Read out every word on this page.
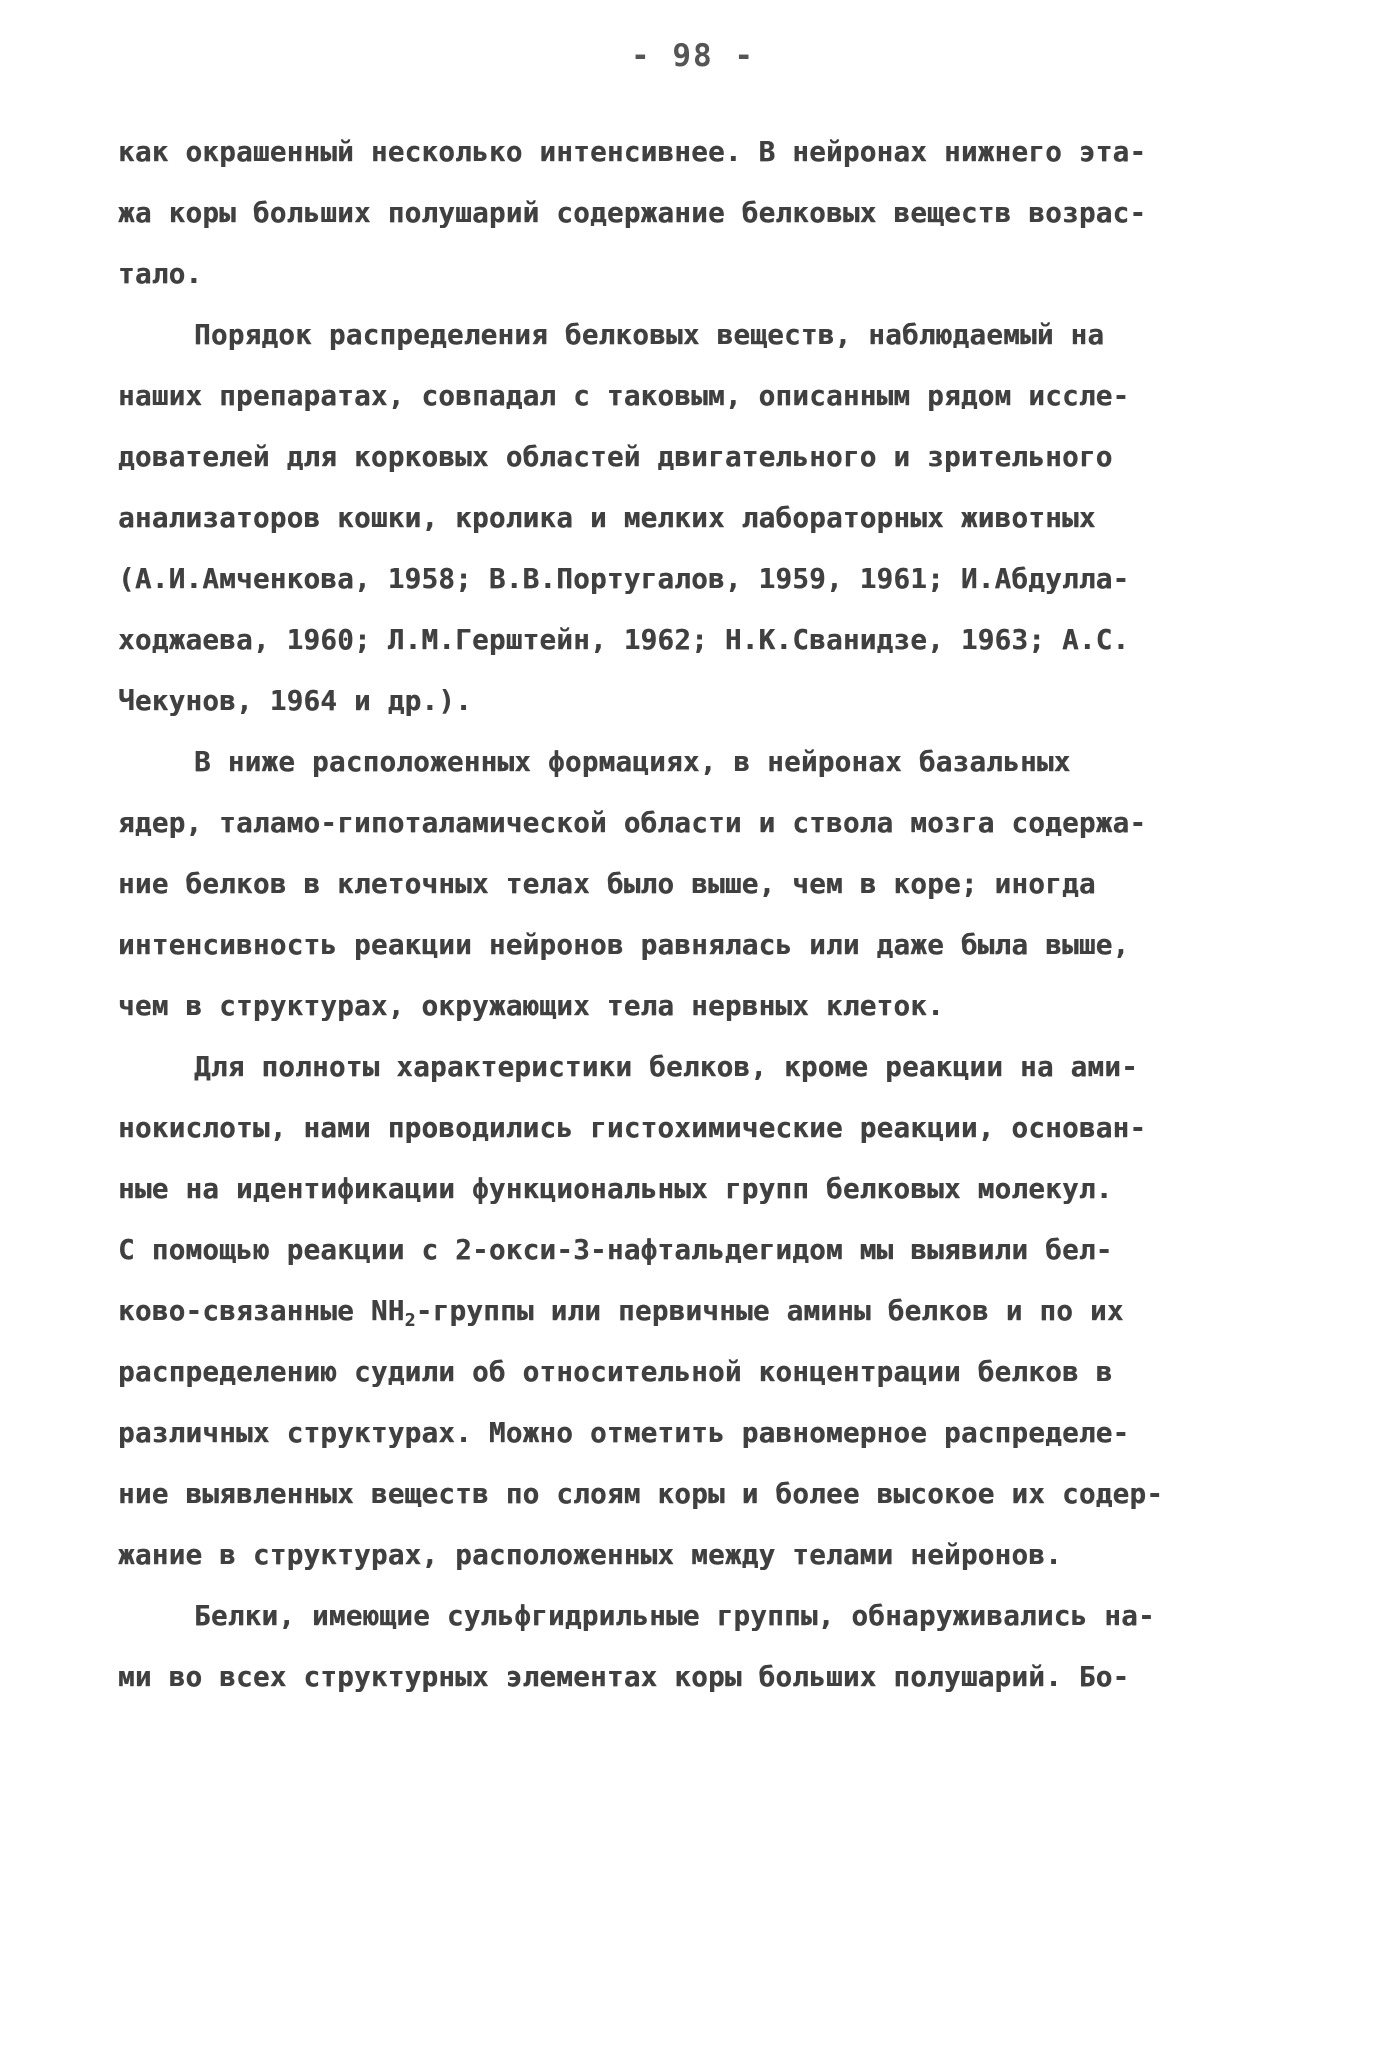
- 98 -
как окрашенный несколько интенсивнее. В нейронах нижнего эта-
жа коры больших полушарий содержание белковых веществ возрас-
тало.
Порядок распределения белковых веществ, наблюдаемый на
наших препаратах, совпадал с таковым, описанным рядом иссле-
дователей для корковых областей двигательного и зрительного
анализаторов кошки, кролика и мелких лабораторных животных
(А.И.Амченкова, 1958; В.В.Португалов, 1959, 1961; И.Абдулла-
ходжаева, 1960; Л.М.Герштейн, 1962; Н.К.Сванидзе, 1963; А.С.
Чекунов, 1964 и др.).
В ниже расположенных формациях, в нейронах базальных
ядер, таламо-гипоталамической области и ствола мозга содержа-
ние белков в клеточных телах было выше, чем в коре; иногда
интенсивность реакции нейронов равнялась или даже была выше,
чем в структурах, окружающих тела нервных клеток.
Для полноты характеристики белков, кроме реакции на ами-
нокислоты, нами проводились гистохимические реакции, основан-
ные на идентификации функциональных групп белковых молекул.
С помощью реакции с 2-окси-3-нафтальдегидом мы выявили бел-
ково-связанные $NH_2$-группы или первичные амины белков и по их
распределению судили об относительной концентрации белков в
различных структурах. Можно отметить равномерное распределе-
ние выявленных веществ по слоям коры и более высокое их содер-
жание в структурах, расположенных между телами нейронов.
Белки, имеющие сульфгидрильные группы, обнаруживались на-
ми во всех структурных элементах коры больших полушарий. Бо-
